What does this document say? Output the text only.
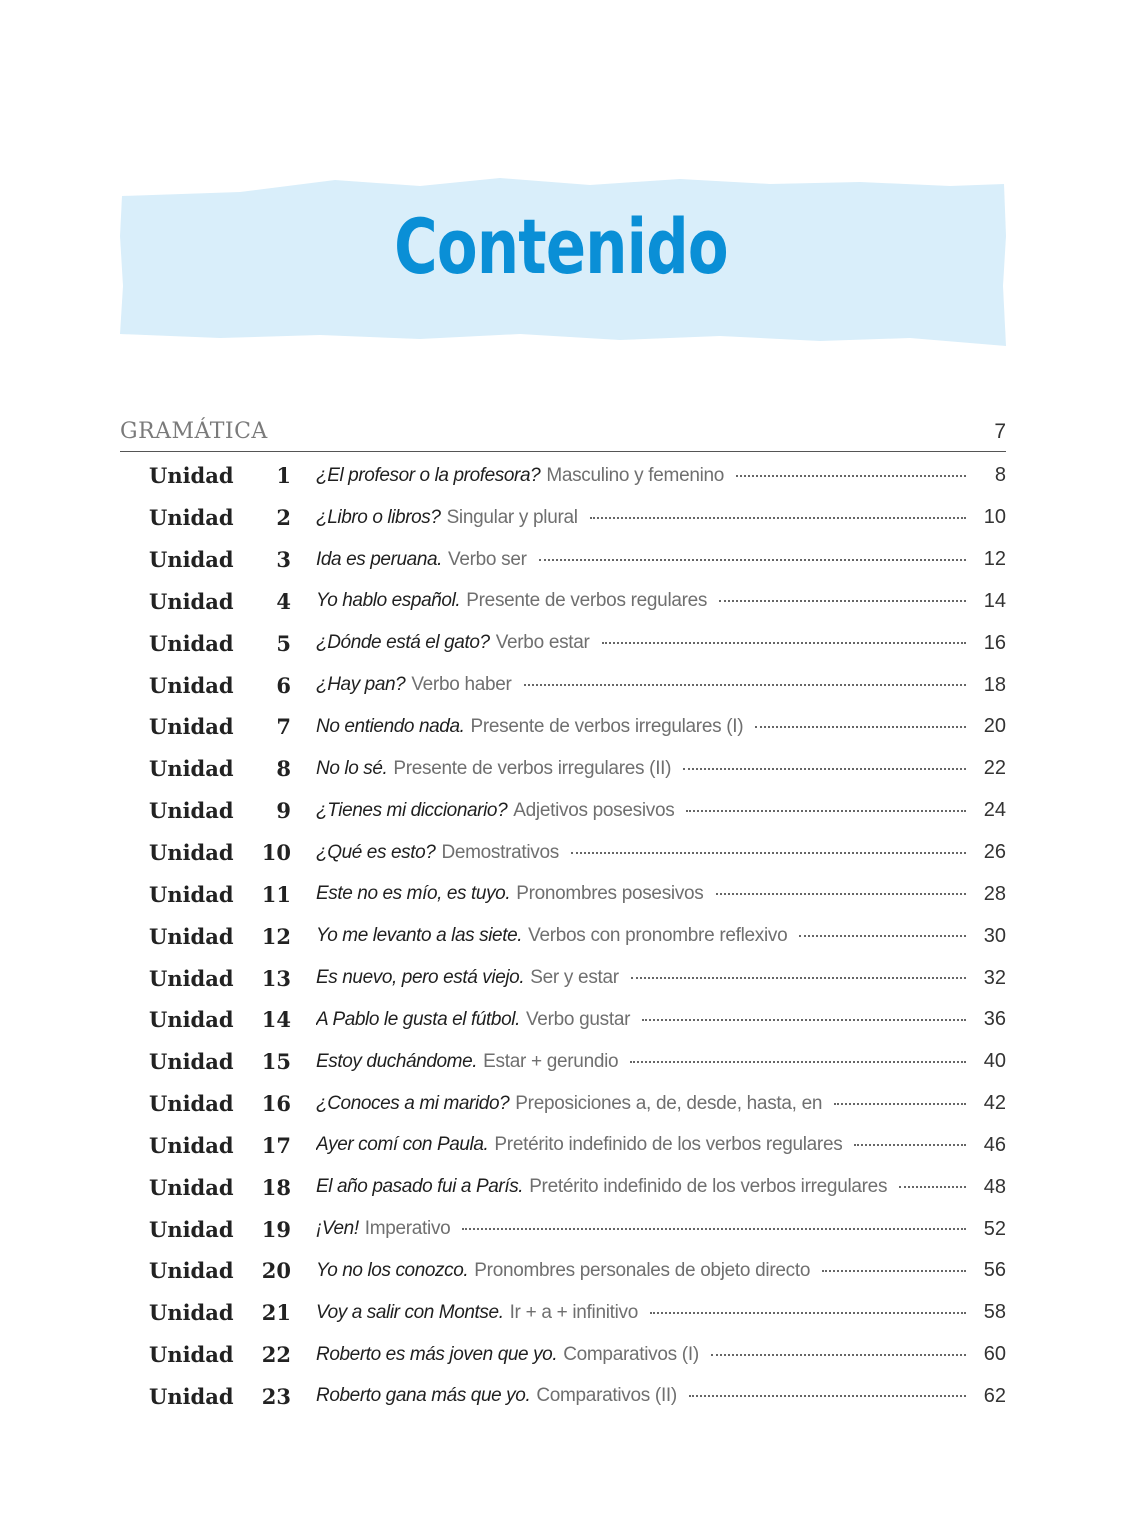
Contenido
GRAMÁTICA	7
Unidad	1 ¿El profesor o la profesora? Masculino y femenino	8
Unidad	2 ¿Libro o libros? Singular y plural	10
Unidad	3 Ida es peruana. Verbo ser	12
Unidad	4 Yo hablo español. Presente de verbos regulares	14
Unidad	5 ¿Dónde está el gato? Verbo estar	16
Unidad	6 ¿Hay pan? Verbo haber	18
Unidad	7 No entiendo nada. Presente de verbos irregulares (I)	20
Unidad	8 No lo sé. Presente de verbos irregulares (II)	22
Unidad	9 ¿Tienes mi diccionario? Adjetivos posesivos	24
Unidad	10 ¿Qué es esto? Demostrativos	26
Unidad	11 Este no es mío, es tuyo. Pronombres posesivos	28
Unidad	12 Yo me levanto a las siete. Verbos con pronombre reflexivo	30
Unidad	13 Es nuevo, pero está viejo. Ser y estar	32
Unidad	14 A Pablo le gusta el fútbol. Verbo gustar	36
Unidad	15 Estoy duchándome. Estar + gerundio	40
Unidad	16 ¿Conoces a mi marido? Preposiciones a, de, desde, hasta, en	42
Unidad	17 Ayer comí con Paula. Pretérito indefinido de los verbos regulares	46
Unidad	18 El año pasado fui a París. Pretérito indefinido de los verbos irregulares	48
Unidad	19 ¡Ven! Imperativo	52
Unidad	20 Yo no los conozco. Pronombres personales de objeto directo	56
Unidad	21 Voy a salir con Montse. Ir + a + infinitivo	58
Unidad	22 Roberto es más joven que yo. Comparativos (I)	60
Unidad	23 Roberto gana más que yo. Comparativos (II)	62
